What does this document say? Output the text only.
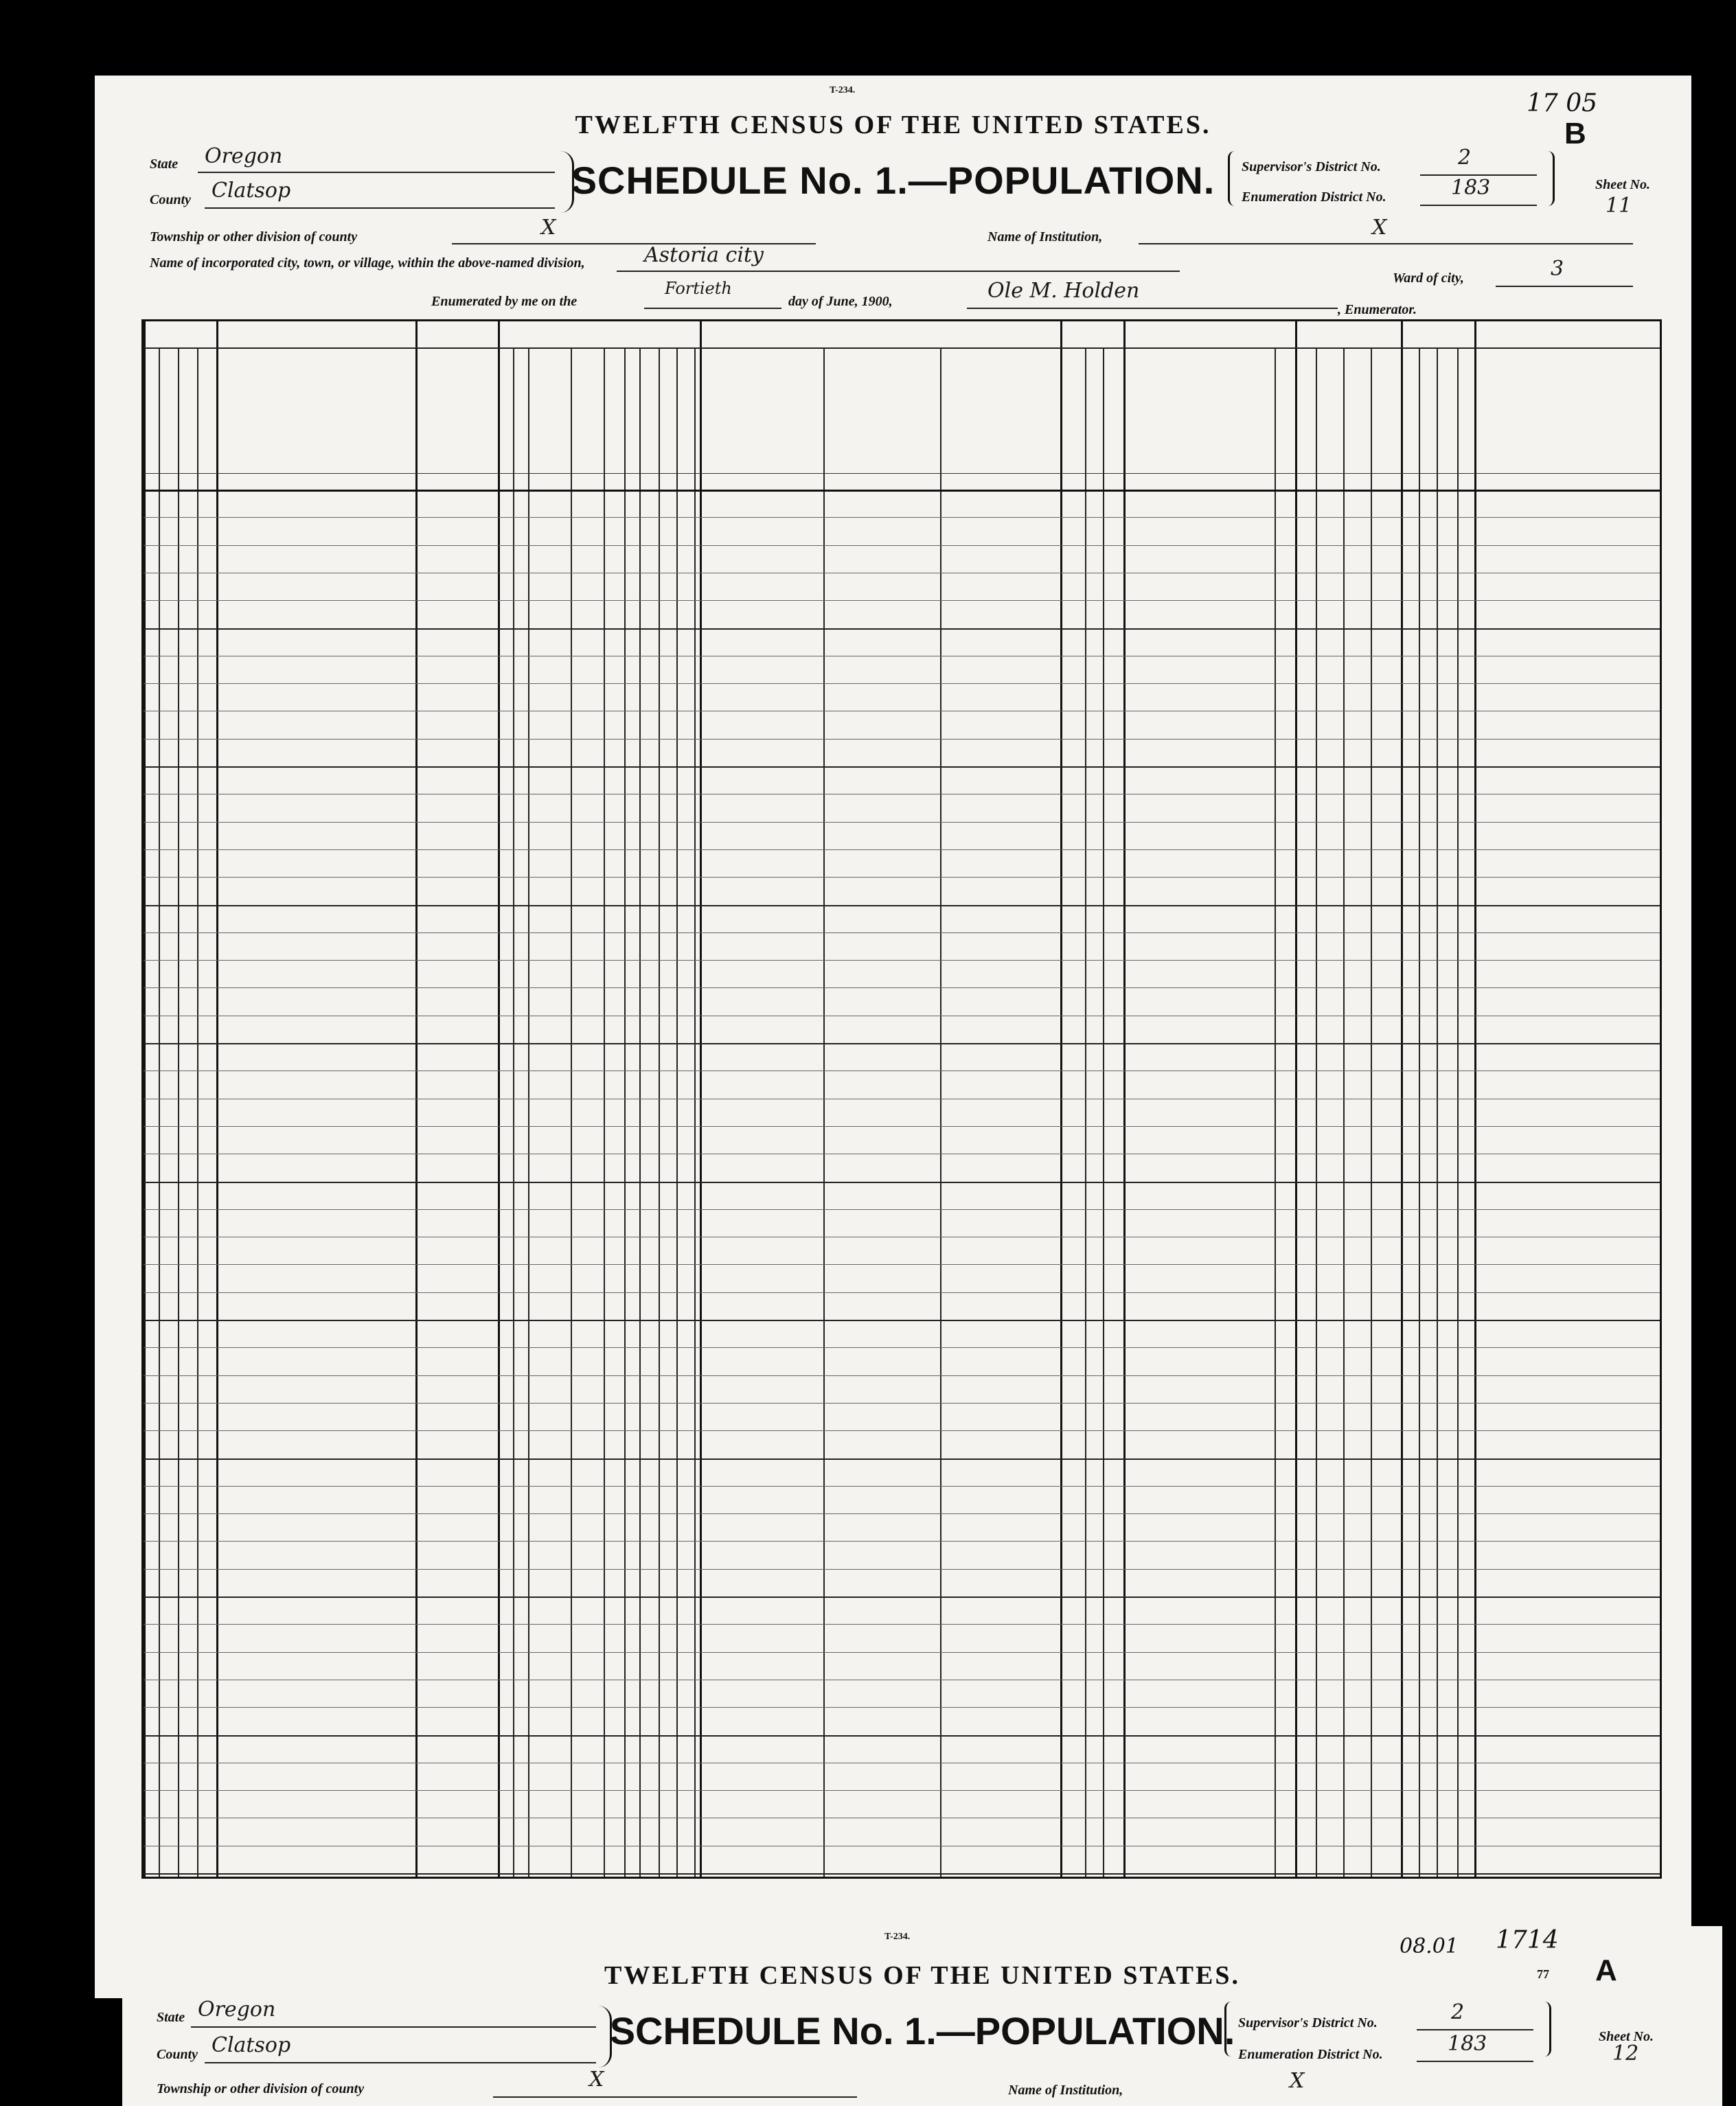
T-234.
TWELFTH CENSUS OF THE UNITED STATES.
SCHEDULE No. 1.—POPULATION.
17 05
B
State Oregon
County Clatsop
Supervisor's District No.	2
Enumeration District No.	183	Sheet No.
11
Township or other division of county	X	Name of Institution,	X
Name of incorporated city, town, or village, within the above-named division,	Astoria city
Ward of city,	3
Enumerated by me on the
Fortieth
day of June, 1900,	Ole M. Holden
, Enumerator.
T-234.
TWELFTH CENSUS OF THE UNITED STATES.
SCHEDULE No. 1.—POPULATION.
08.01 1714
77 A
State Oregon
County Clatsop
Supervisor's District No.	2
Enumeration District No.	183	Sheet No.
12
Township or other division of county	X	Name of Institution,	X
